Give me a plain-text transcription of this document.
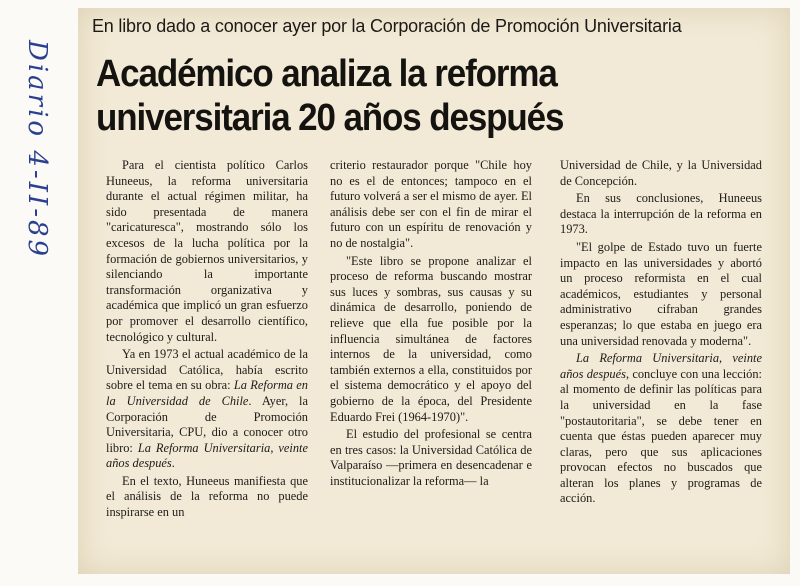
Diario 4-II-89
En libro dado a conocer ayer por la Corporación de Promoción Universitaria
Académico analiza la reforma universitaria 20 años después

Para el cientista político Carlos Huneeus, la reforma universitaria durante el actual régimen militar, ha sido presentada de manera "caricaturesca", mostrando sólo los excesos de la lucha política por la formación de gobiernos universitarios, y silenciando la importante transformación organizativa y académica que implicó un gran esfuerzo por promover el desarrollo científico, tecnológico y cultural.

Ya en 1973 el actual académico de la Universidad Católica, había escrito sobre el tema en su obra: La Reforma en la Universidad de Chile. Ayer, la Corporación de Promoción Universitaria, CPU, dio a conocer otro libro: La Reforma Universitaria, veinte años después.

En el texto, Huneeus manifiesta que el análisis de la reforma no puede inspirarse en un

criterio restaurador porque "Chile hoy no es el de entonces; tampoco en el futuro volverá a ser el mismo de ayer. El análisis debe ser con el fin de mirar el futuro con un espíritu de renovación y no de nostalgia".

"Este libro se propone analizar el proceso de reforma buscando mostrar sus luces y sombras, sus causas y su dinámica de desarrollo, poniendo de relieve que ella fue posible por la influencia simultánea de factores internos de la universidad, como también externos a ella, constituidos por el sistema democrático y el apoyo del gobierno de la época, del Presidente Eduardo Frei (1964-1970)".

El estudio del profesional se centra en tres casos: la Universidad Católica de Valparaíso —primera en desencadenar e institucionalizar la reforma— la

Universidad de Chile, y la Universidad de Concepción.

En sus conclusiones, Huneeus destaca la interrupción de la reforma en 1973.

"El golpe de Estado tuvo un fuerte impacto en las universidades y abortó un proceso reformista en el cual académicos, estudiantes y personal administrativo cifraban grandes esperanzas; lo que estaba en juego era una universidad renovada y moderna".

La Reforma Universitaria, veinte años después, concluye con una lección: al momento de definir las políticas para la universidad en la fase "postautoritaria", se debe tener en cuenta que éstas pueden aparecer muy claras, pero que sus aplicaciones provocan efectos no buscados que alteran los planes y programas de acción.
